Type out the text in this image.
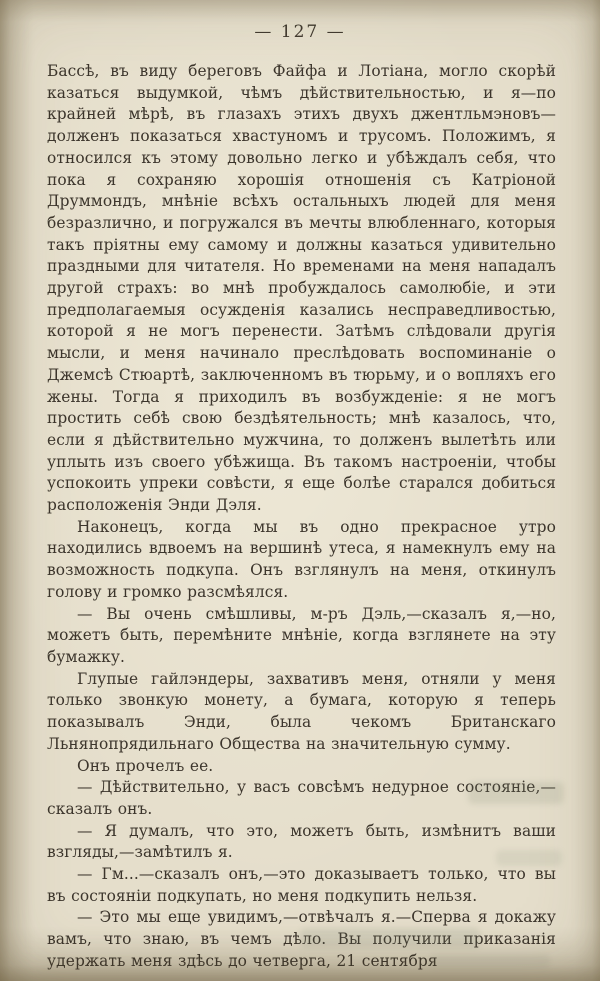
— 127 —

Бассѣ, въ виду береговъ Файфа и Лотіана, могло скорѣй казаться выдумкой, чѣмъ дѣйствительностью, и я—по крайней мѣрѣ, въ глазахъ этихъ двухъ джентльмэновъ—долженъ показаться хвастуномъ и трусомъ. Положимъ, я относился къ этому довольно легко и убѣждалъ себя, что пока я сохраняю хорошія отношенія съ Катріоной Друммондъ, мнѣніе всѣхъ остальныхъ людей для меня безразлично, и погружался въ мечты влюбленнаго, которыя такъ пріятны ему самому и должны казаться удивительно праздными для читателя. Но временами на меня нападалъ другой страхъ: во мнѣ пробуждалось самолюбіе, и эти предполагаемыя осужденія казались несправедливостью, которой я не могъ перенести. Затѣмъ слѣдовали другія мысли, и меня начинало преслѣдовать воспоминаніе о Джемсѣ Стюартѣ, заключенномъ въ тюрьму, и о вопляхъ его жены. Тогда я приходилъ въ возбужденіе: я не могъ простить себѣ свою бездѣятельность; мнѣ казалось, что, если я дѣйствительно мужчина, то долженъ вылетѣть или уплыть изъ своего убѣжища. Въ такомъ настроеніи, чтобы успокоить упреки совѣсти, я еще болѣе старался добиться расположенія Энди Дэля.

Наконецъ, когда мы въ одно прекрасное утро находились вдвоемъ на вершинѣ утеса, я намекнулъ ему на возможность подкупа. Онъ взглянулъ на меня, откинулъ голову и громко разсмѣялся.

— Вы очень смѣшливы, м-ръ Дэль,—сказалъ я,—но, можетъ быть, перемѣните мнѣніе, когда взглянете на эту бумажку.

Глупые гайлэндеры, захвативъ меня, отняли у меня только звонкую монету, а бумага, которую я теперь показывалъ Энди, была чекомъ Британскаго Льнянопрядильнаго Общества на значительную сумму.

Онъ прочелъ ее.

— Дѣйствительно, у васъ совсѣмъ недурное состояніе,—сказалъ онъ.

— Я думалъ, что это, можетъ быть, измѣнитъ ваши взгляды,—замѣтилъ я.

— Гм...—сказалъ онъ,—это доказываетъ только, что вы въ состояніи подкупать, но меня подкупить нельзя.

— Это мы еще увидимъ,—отвѣчалъ я.—Сперва я докажу вамъ, что знаю, въ чемъ дѣло. Вы получили приказанія удержать меня здѣсь до четверга, 21 сентября
